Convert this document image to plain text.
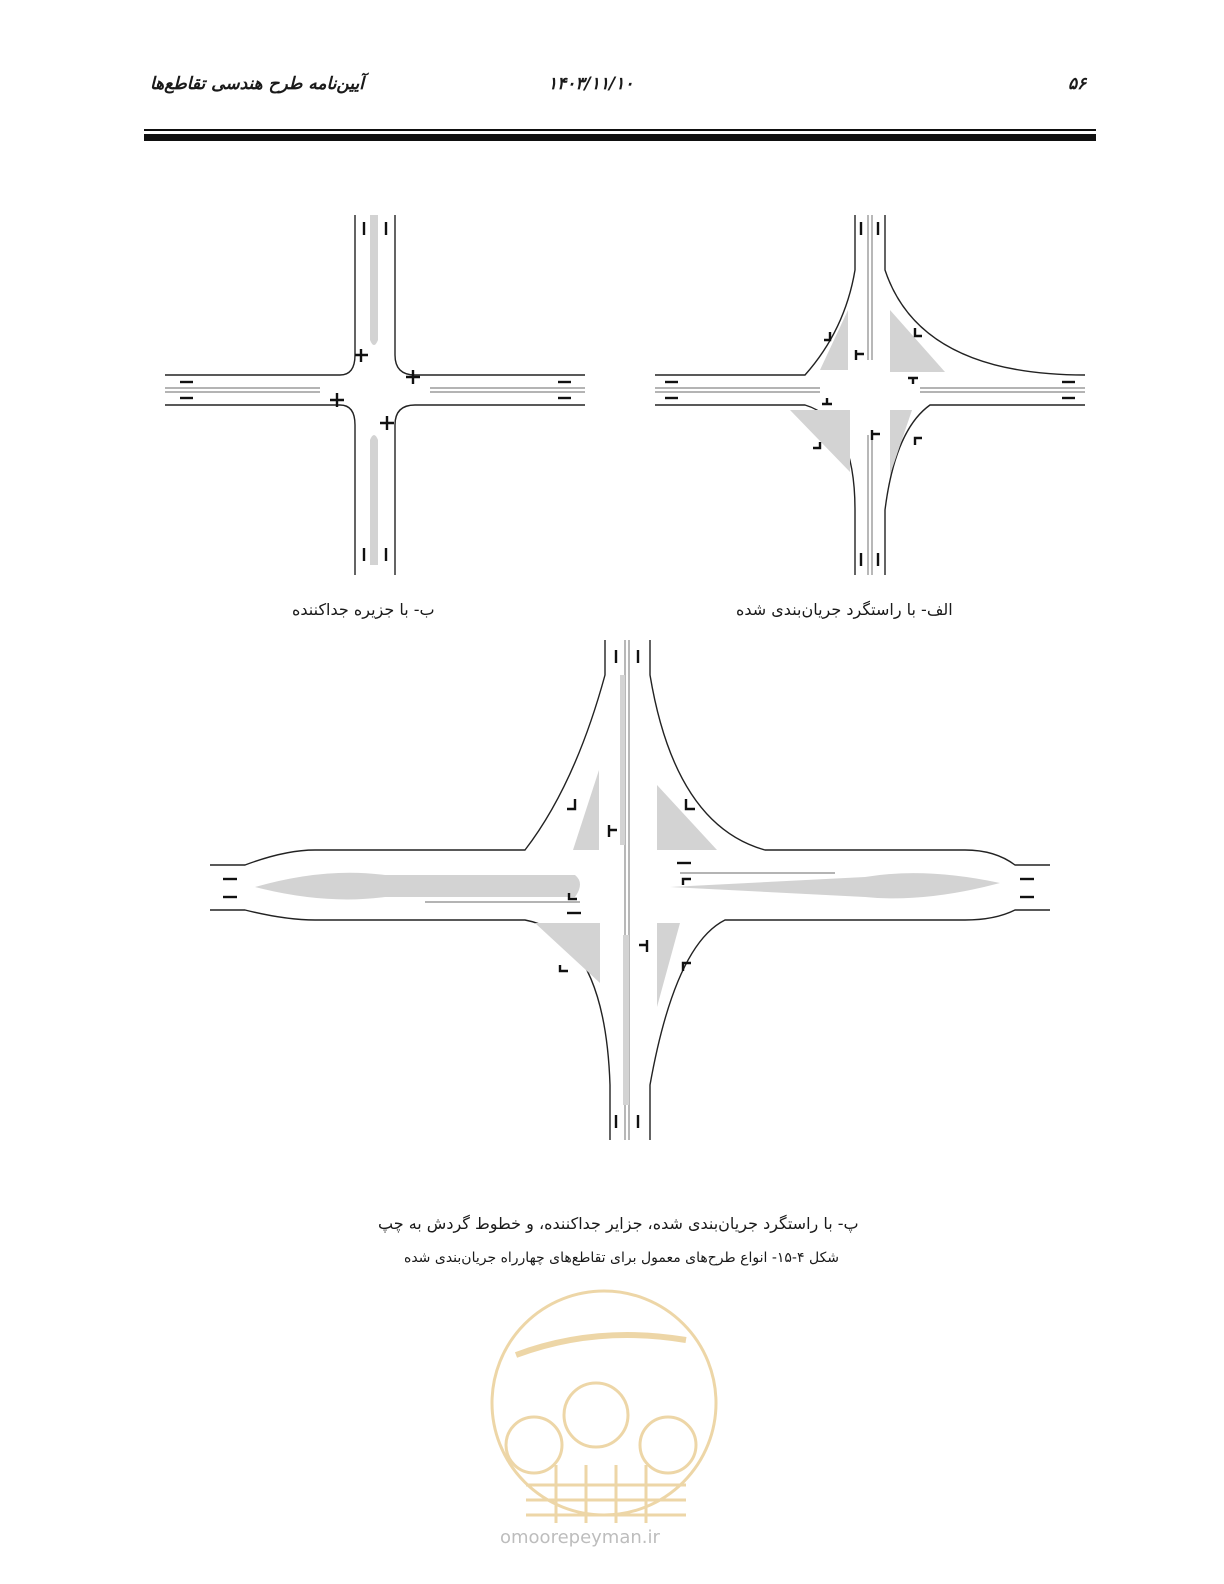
آیین‌نامه طرح هندسی تقاطع‌ها	۱۴۰۳/۱۱/۱۰	۵۶
الف- با راستگرد جریان‌بندی شده
ب- با جزیره جداکننده
پ- با راستگرد جریان‌بندی شده، جزایر جداکننده، و خطوط گردش به چپ
شکل ۴-۱۵- انواع طرح‌های معمول برای تقاطع‌های چهارراه جریان‌بندی شده
omoorepeyman.ir
